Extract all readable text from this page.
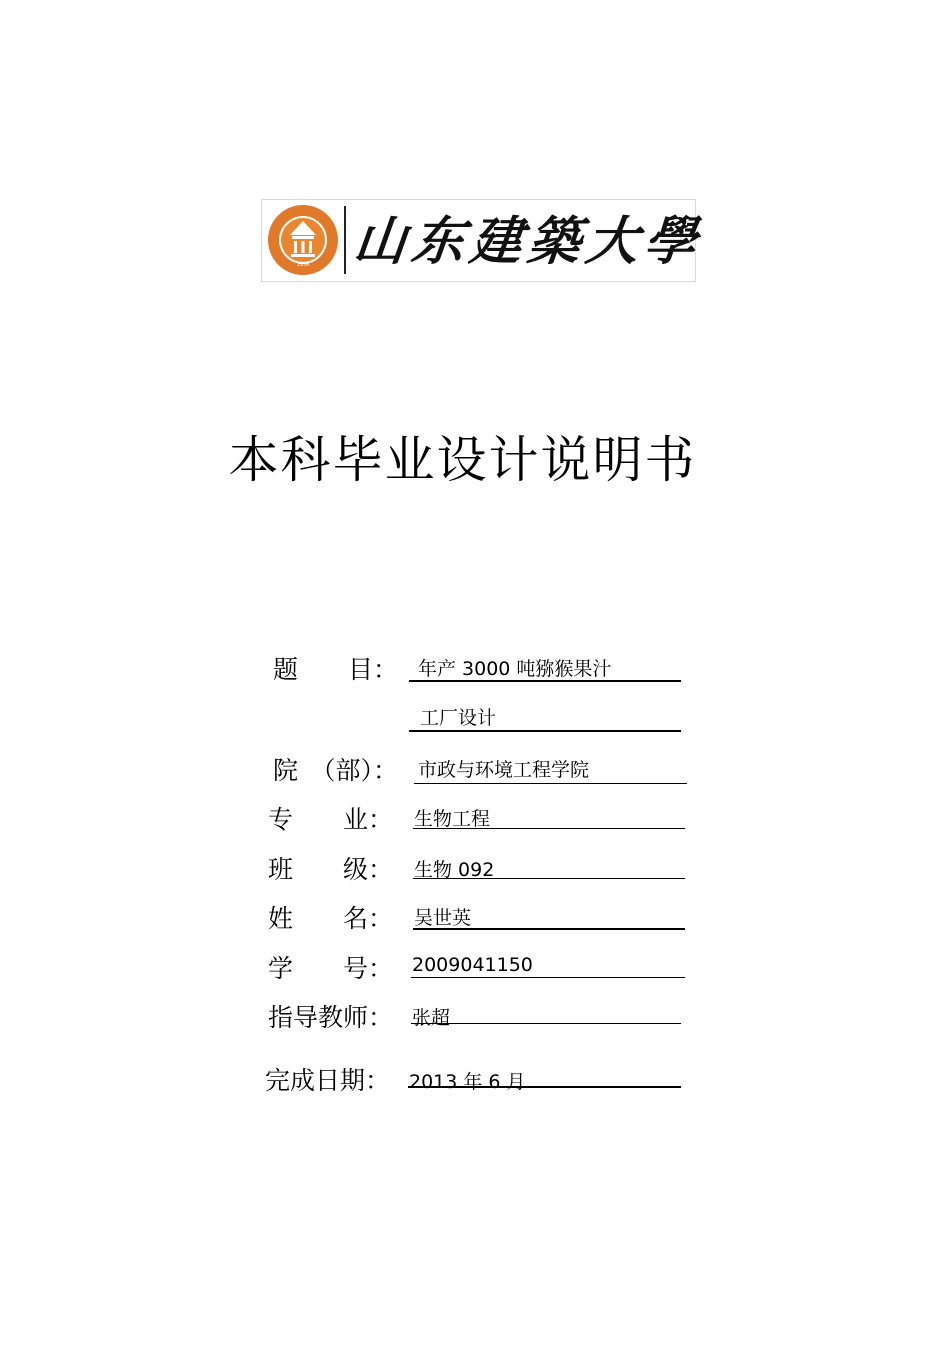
1956 山东建築大學
本科毕业设计说明书
题　　目： 年产 3000 吨猕猴果汁
工厂设计
院　（部）： 市政与环境工程学院
专　　业： 生物工程
班　　级： 生物 092
姓　　名： 吴世英
学　　号： 2009041150
指导教师： 张超
完成日期： 2013 年 6 月
